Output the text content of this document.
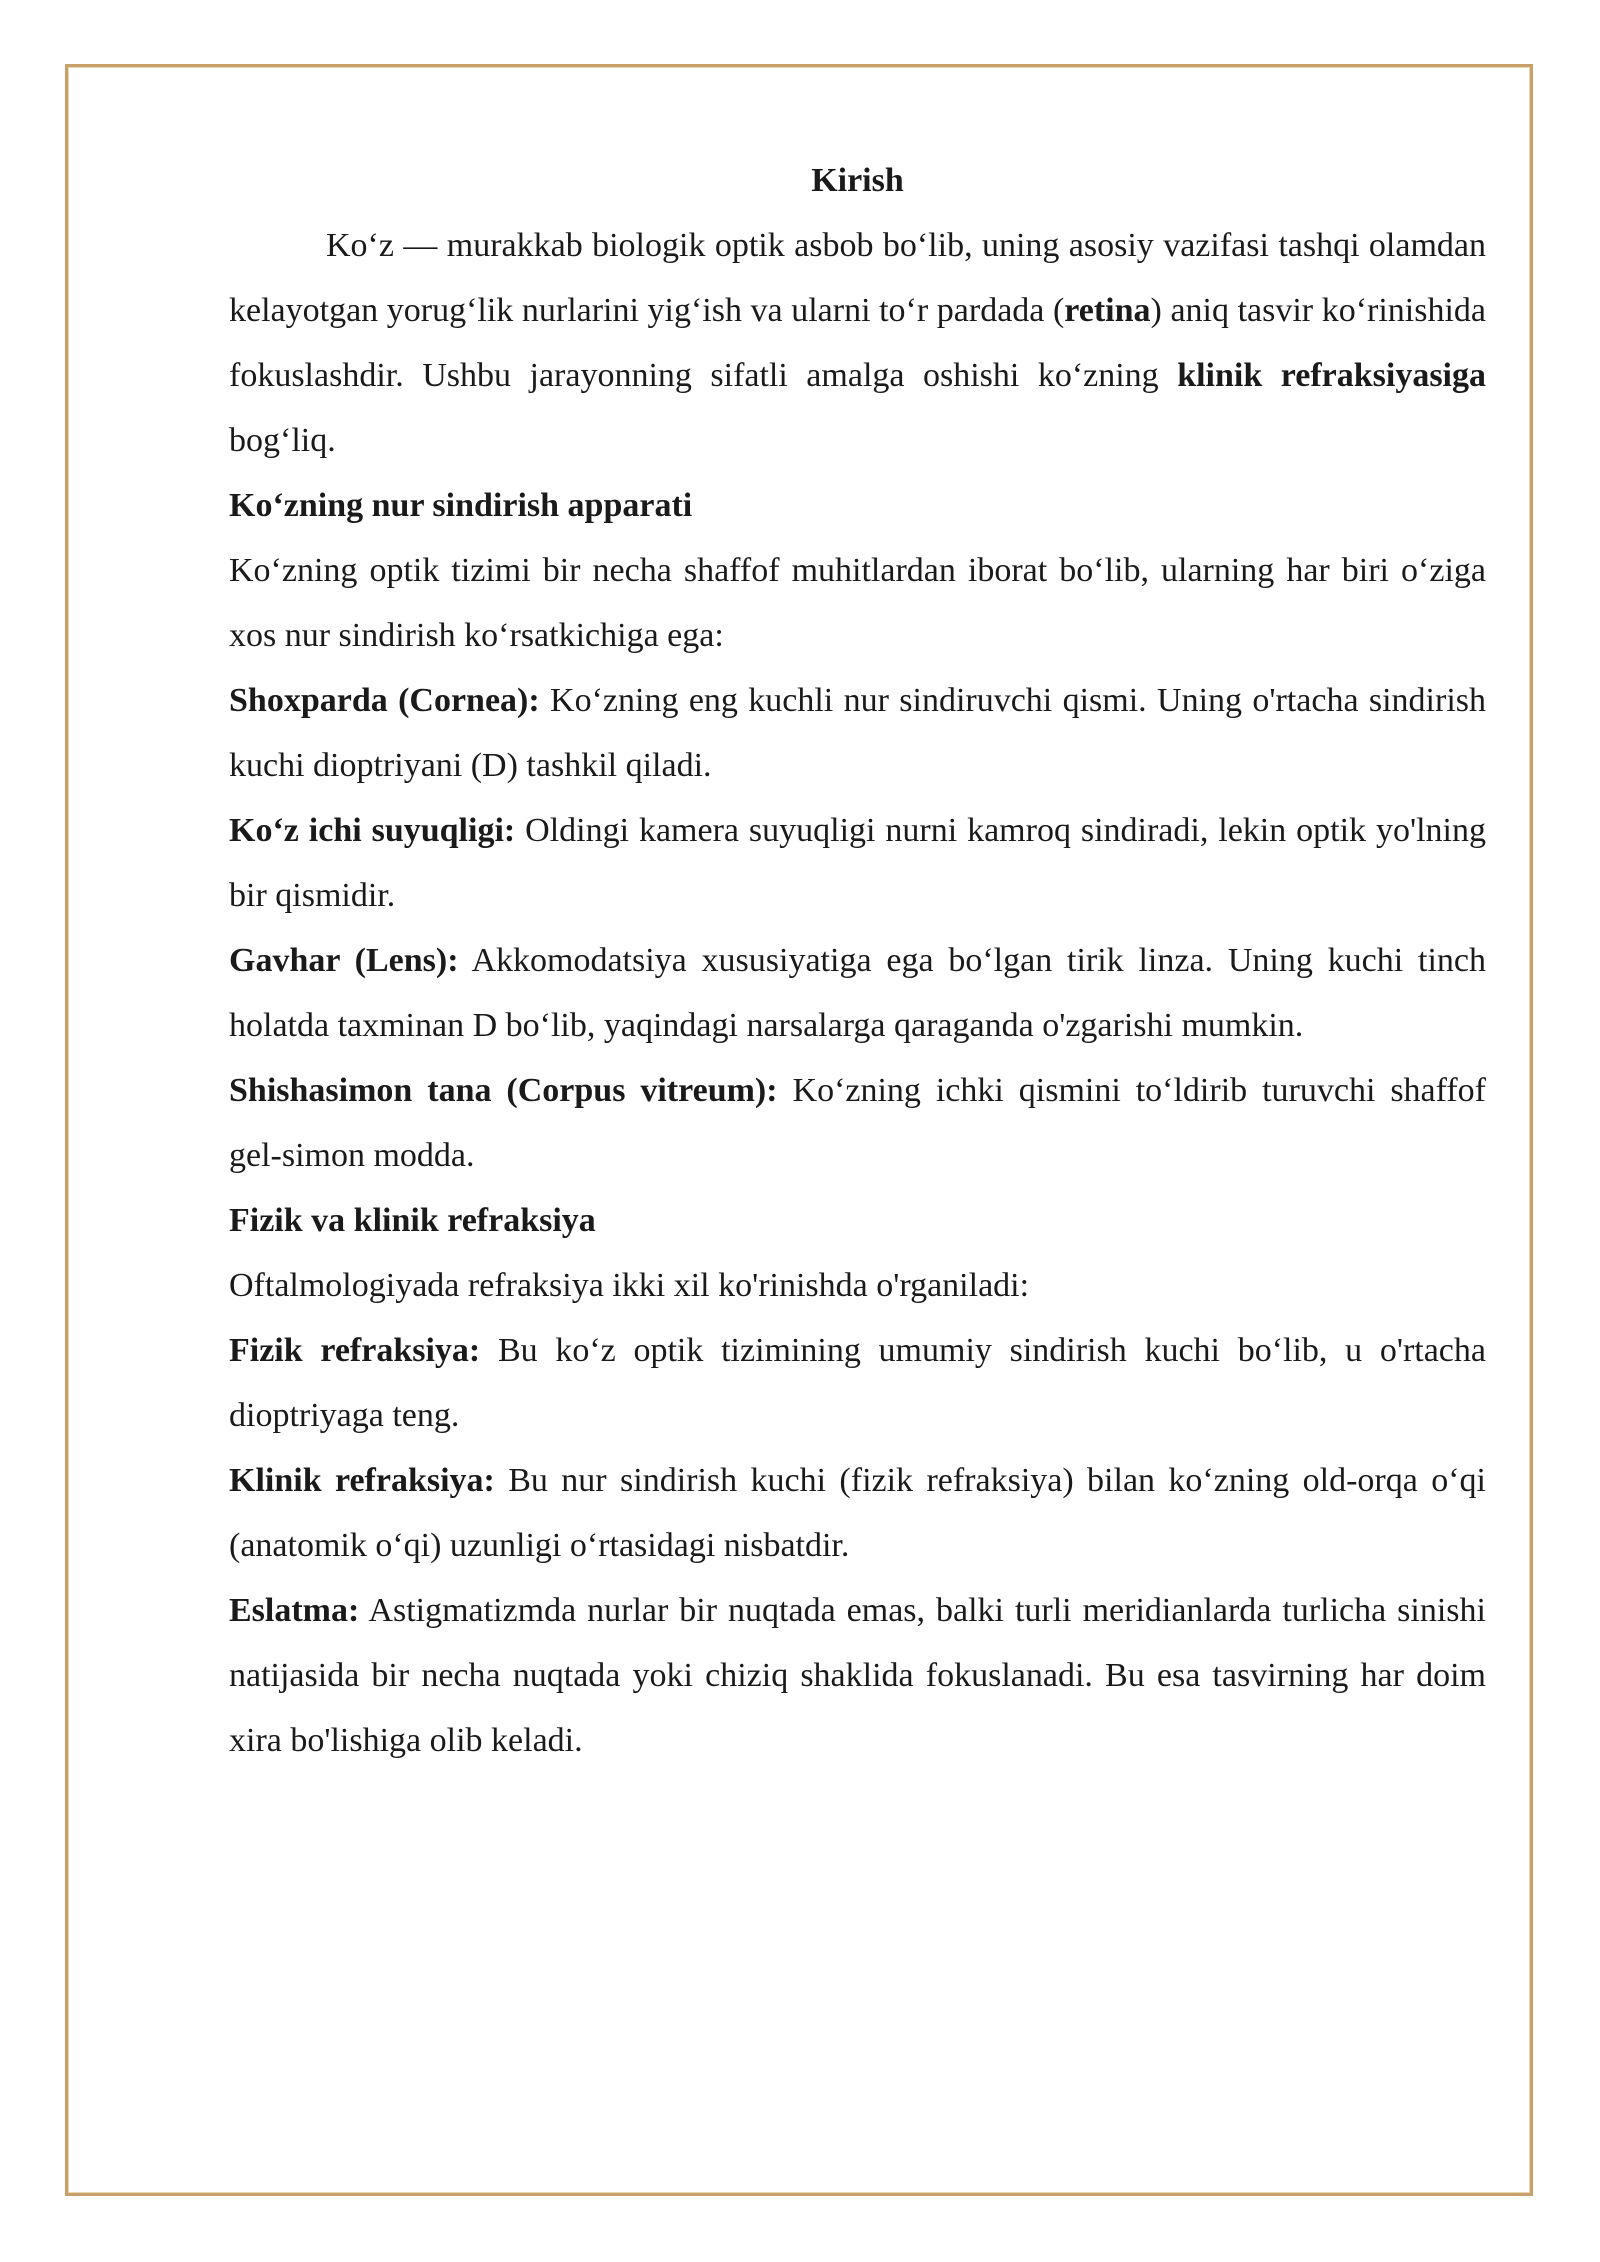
Kirish

Ko‘z — murakkab biologik optik asbob bo‘lib, uning asosiy vazifasi tashqi olamdan kelayotgan yorug‘lik nurlarini yig‘ish va ularni to‘r pardada (retina) aniq tasvir ko‘rinishida fokuslashdir. Ushbu jarayonning sifatli amalga oshishi ko‘zning klinik refraksiyasiga bog‘liq.

Ko‘zning nur sindirish apparati

Ko‘zning optik tizimi bir necha shaffof muhitlardan iborat bo‘lib, ularning har biri o‘ziga xos nur sindirish ko‘rsatkichiga ega:

Shoxparda (Cornea): Ko‘zning eng kuchli nur sindiruvchi qismi. Uning o'rtacha sindirish kuchi dioptriyani (D) tashkil qiladi.

Ko‘z ichi suyuqligi: Oldingi kamera suyuqligi nurni kamroq sindiradi, lekin optik yo'lning bir qismidir.

Gavhar (Lens): Akkomodatsiya xususiyatiga ega bo‘lgan tirik linza. Uning kuchi tinch holatda taxminan D bo‘lib, yaqindagi narsalarga qaraganda o'zgarishi mumkin.

Shishasimon tana (Corpus vitreum): Ko‘zning ichki qismini to‘ldirib turuvchi shaffof gel-simon modda.

Fizik va klinik refraksiya

Oftalmologiyada refraksiya ikki xil ko'rinishda o'rganiladi:

Fizik refraksiya: Bu ko‘z optik tizimining umumiy sindirish kuchi bo‘lib, u o'rtacha dioptriyaga teng.

Klinik refraksiya: Bu nur sindirish kuchi (fizik refraksiya) bilan ko‘zning old-orqa o‘qi (anatomik o‘qi) uzunligi o‘rtasidagi nisbatdir.

Eslatma: Astigmatizmda nurlar bir nuqtada emas, balki turli meridianlarda turlicha sinishi natijasida bir necha nuqtada yoki chiziq shaklida fokuslanadi. Bu esa tasvirning har doim xira bo'lishiga olib keladi.
